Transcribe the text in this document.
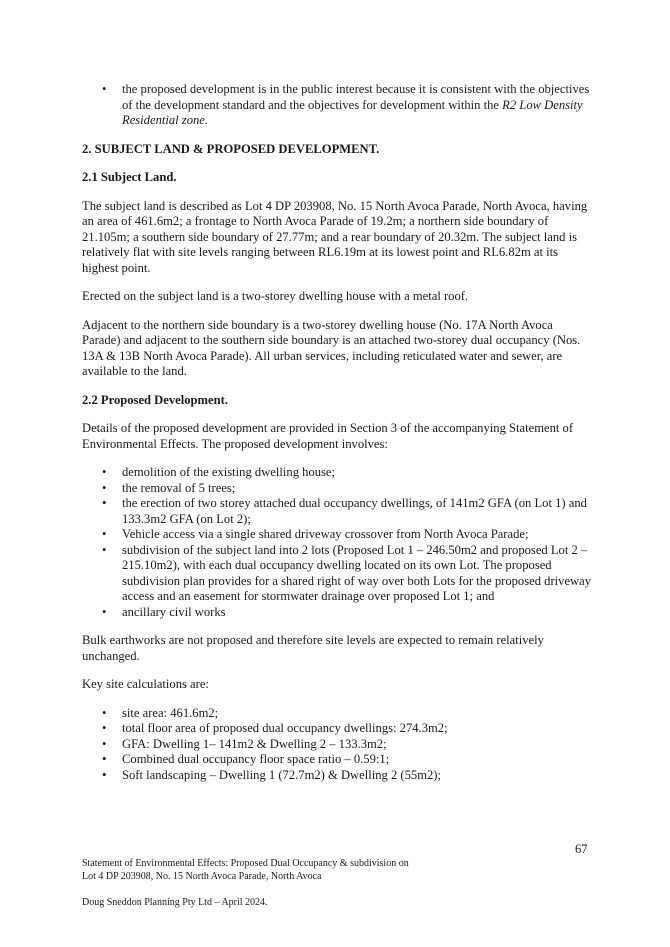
• the proposed development is in the public interest because it is consistent with the objectives of the development standard and the objectives for development within the R2 Low Density Residential zone.

2. SUBJECT LAND & PROPOSED DEVELOPMENT.

2.1 Subject Land.

The subject land is described as Lot 4 DP 203908, No. 15 North Avoca Parade, North Avoca, having an area of 461.6m2; a frontage to North Avoca Parade of 19.2m; a northern side boundary of 21.105m; a southern side boundary of 27.77m; and a rear boundary of 20.32m. The subject land is relatively flat with site levels ranging between RL6.19m at its lowest point and RL6.82m at its highest point.

Erected on the subject land is a two-storey dwelling house with a metal roof.

Adjacent to the northern side boundary is a two-storey dwelling house (No. 17A North Avoca Parade) and adjacent to the southern side boundary is an attached two-storey dual occupancy (Nos. 13A & 13B North Avoca Parade). All urban services, including reticulated water and sewer, are available to the land.

2.2 Proposed Development.

Details of the proposed development are provided in Section 3 of the accompanying Statement of Environmental Effects. The proposed development involves:

• demolition of the existing dwelling house;
• the removal of 5 trees;
• the erection of two storey attached dual occupancy dwellings, of 141m2 GFA (on Lot 1) and 133.3m2 GFA (on Lot 2);
• Vehicle access via a single shared driveway crossover from North Avoca Parade;
• subdivision of the subject land into 2 lots (Proposed Lot 1 – 246.50m2 and proposed Lot 2 – 215.10m2), with each dual occupancy dwelling located on its own Lot. The proposed subdivision plan provides for a shared right of way over both Lots for the proposed driveway access and an easement for stormwater drainage over proposed Lot 1; and
• ancillary civil works

Bulk earthworks are not proposed and therefore site levels are expected to remain relatively unchanged.

Key site calculations are:

• site area: 461.6m2;
• total floor area of proposed dual occupancy dwellings: 274.3m2;
• GFA: Dwelling 1– 141m2 & Dwelling 2 – 133.3m2;
• Combined dual occupancy floor space ratio – 0.59:1;
• Soft landscaping – Dwelling 1 (72.7m2) & Dwelling 2 (55m2);
67
Statement of Environmental Effects: Proposed Dual Occupancy & subdivision on
Lot 4 DP 203908, No. 15 North Avoca Parade, North Avoca
Doug Sneddon Planning Pty Ltd – April 2024.
